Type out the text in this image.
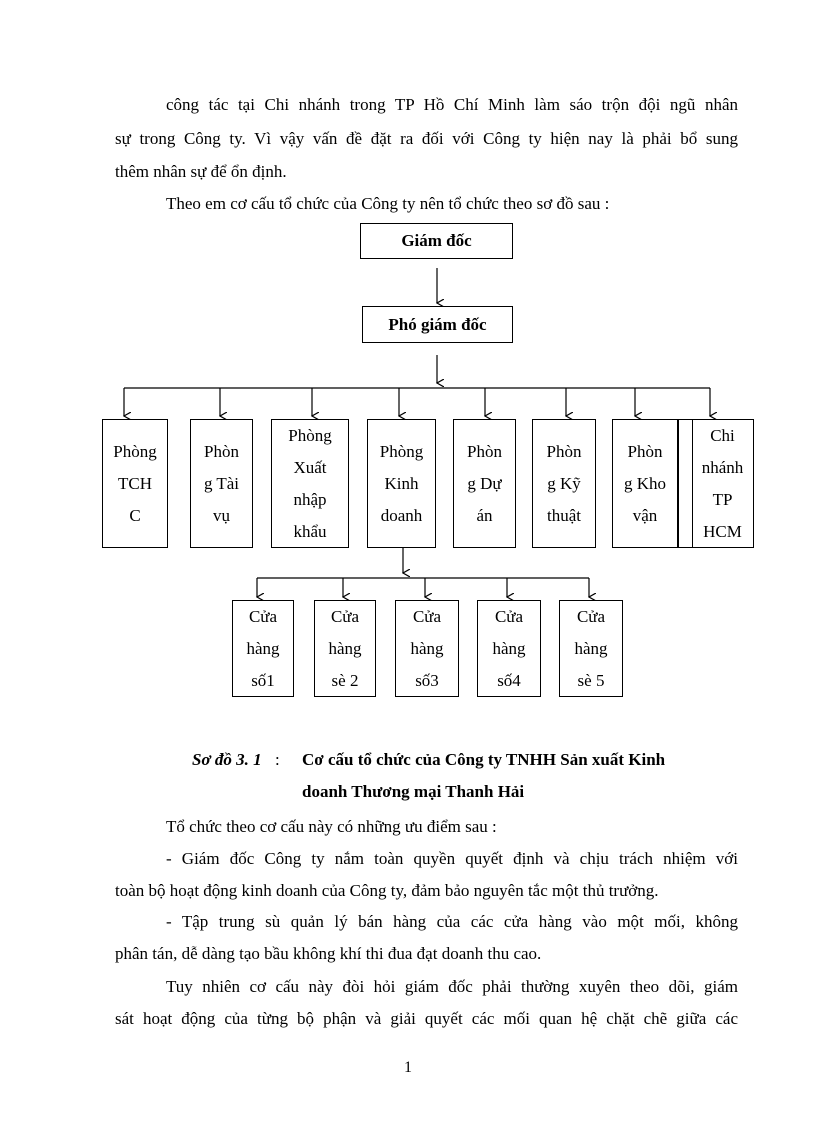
công tác tại Chi nhánh trong TP Hồ Chí Minh làm sáo trộn đội ngũ nhân
sự trong Công ty. Vì vậy vấn đề đặt ra đối với Công ty hiện nay là phải bổ sung
thêm nhân sự để ổn định.
Theo em cơ cấu tổ chức của Công ty nên tổ chức theo sơ đồ sau :
Giám đốc
Phó giám đốc
Phòng
TCH
C
Phòn
g Tài
vụ
Phòng
Xuất
nhập
khẩu
Phòng
Kinh
doanh
Phòn
g Dự
án
Phòn
g Kỹ
thuật
Phòn
g Kho
vận
Chi
nhánh
TP
HCM
Cửa
hàng
số1
Cửa
hàng
sè 2
Cửa
hàng
số3
Cửa
hàng
số4
Cửa
hàng
sè 5
Sơ đồ 3. 1 : Cơ cấu tổ chức của Công ty TNHH Sản xuất Kinh
doanh Thương mại Thanh Hải
Tổ chức theo cơ cấu này có những ưu điểm sau :
- Giám đốc Công ty nắm toàn quyền quyết định và chịu trách nhiệm với
toàn bộ hoạt động kinh doanh của Công ty, đảm bảo nguyên tắc một thủ trưởng.
- Tập trung sù quản lý bán hàng của các cửa hàng vào một mối, không
phân tán, dễ dàng tạo bầu không khí thi đua đạt doanh thu cao.
Tuy nhiên cơ cấu này đòi hỏi giám đốc phải thường xuyên theo dõi, giám
sát hoạt động của từng bộ phận và giải quyết các mối quan hệ chặt chẽ giữa các
1
